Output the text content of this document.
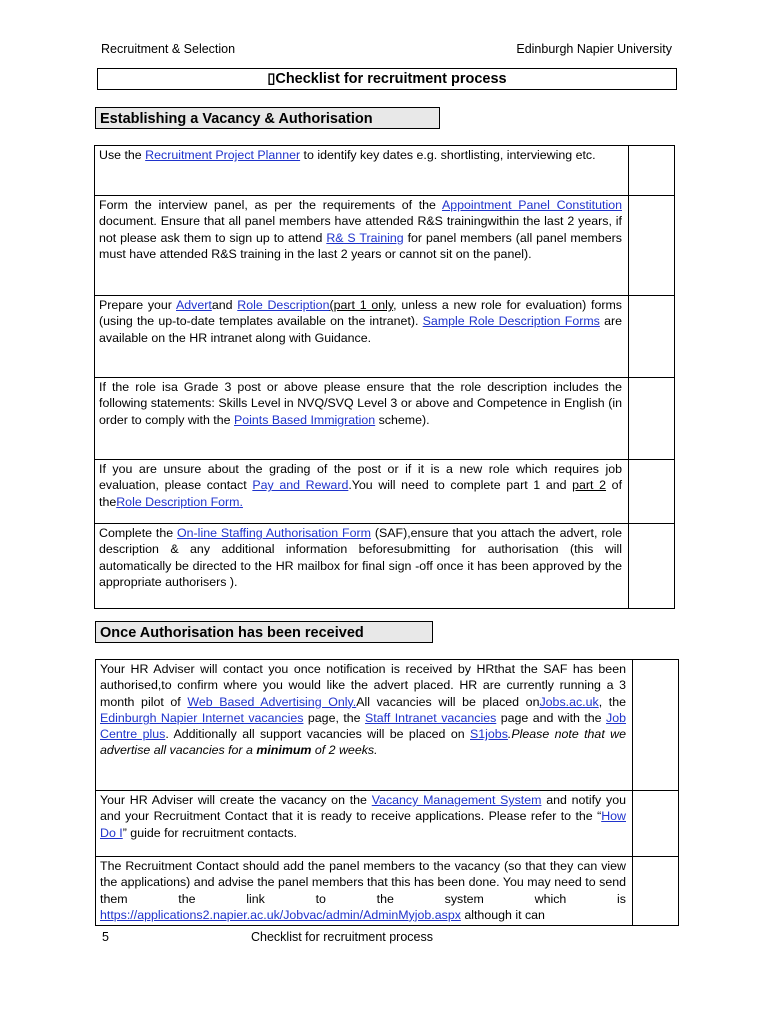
Recruitment & Selection	Edinburgh Napier University
▯Checklist for recruitment process
Establishing a Vacancy & Authorisation
Use the Recruitment Project Planner to identify key dates e.g. shortlisting, interviewing etc.	
Form the interview panel, as per the requirements of the Appointment Panel Constitution document. Ensure that all panel members have attended R&S trainingwithin the last 2 years, if not please ask them to sign up to attend R& S Training for panel members (all panel members must have attended R&S training in the last 2 years or cannot sit on the panel).	
Prepare your Advertand Role Description(part 1 only, unless a new role for evaluation) forms (using the up-to-date templates available on the intranet). Sample Role Description Forms are available on the HR intranet along with Guidance.	
If the role isa Grade 3 post or above please ensure that the role description includes the following statements: Skills Level in NVQ/SVQ Level 3 or above and Competence in English (in order to comply with the Points Based Immigration scheme).	
If you are unsure about the grading of the post or if it is a new role which requires job evaluation, please contact Pay and Reward.You will need to complete part 1 and part 2 of theRole Description Form.	
Complete the On-line Staffing Authorisation Form (SAF),ensure that you attach the advert, role description & any additional information beforesubmitting for authorisation (this will automatically be directed to the HR mailbox for final sign -off once it has been approved by the appropriate authorisers ).	
Once Authorisation has been received
Your HR Adviser will contact you once notification is received by HRthat the SAF has been authorised,to confirm where you would like the advert placed. HR are currently running a 3 month pilot of Web Based Advertising Only.All vacancies will be placed onJobs.ac.uk, the Edinburgh Napier Internet vacancies page, the Staff Intranet vacancies page and with the Job Centre plus. Additionally all support vacancies will be placed on S1jobs.Please note that we advertise all vacancies for a minimum of 2 weeks.	
Your HR Adviser will create the vacancy on the Vacancy Management System and notify you and your Recruitment Contact that it is ready to receive applications. Please refer to the “How Do I” guide for recruitment contacts.	
The Recruitment Contact should add the panel members to the vacancy (so that they can view the applications) and advise the panel members that this has been done. You may need to send them the link to the system which is https://applications2.napier.ac.uk/Jobvac/admin/AdminMyjob.aspx although it can	
5	Checklist for recruitment process
